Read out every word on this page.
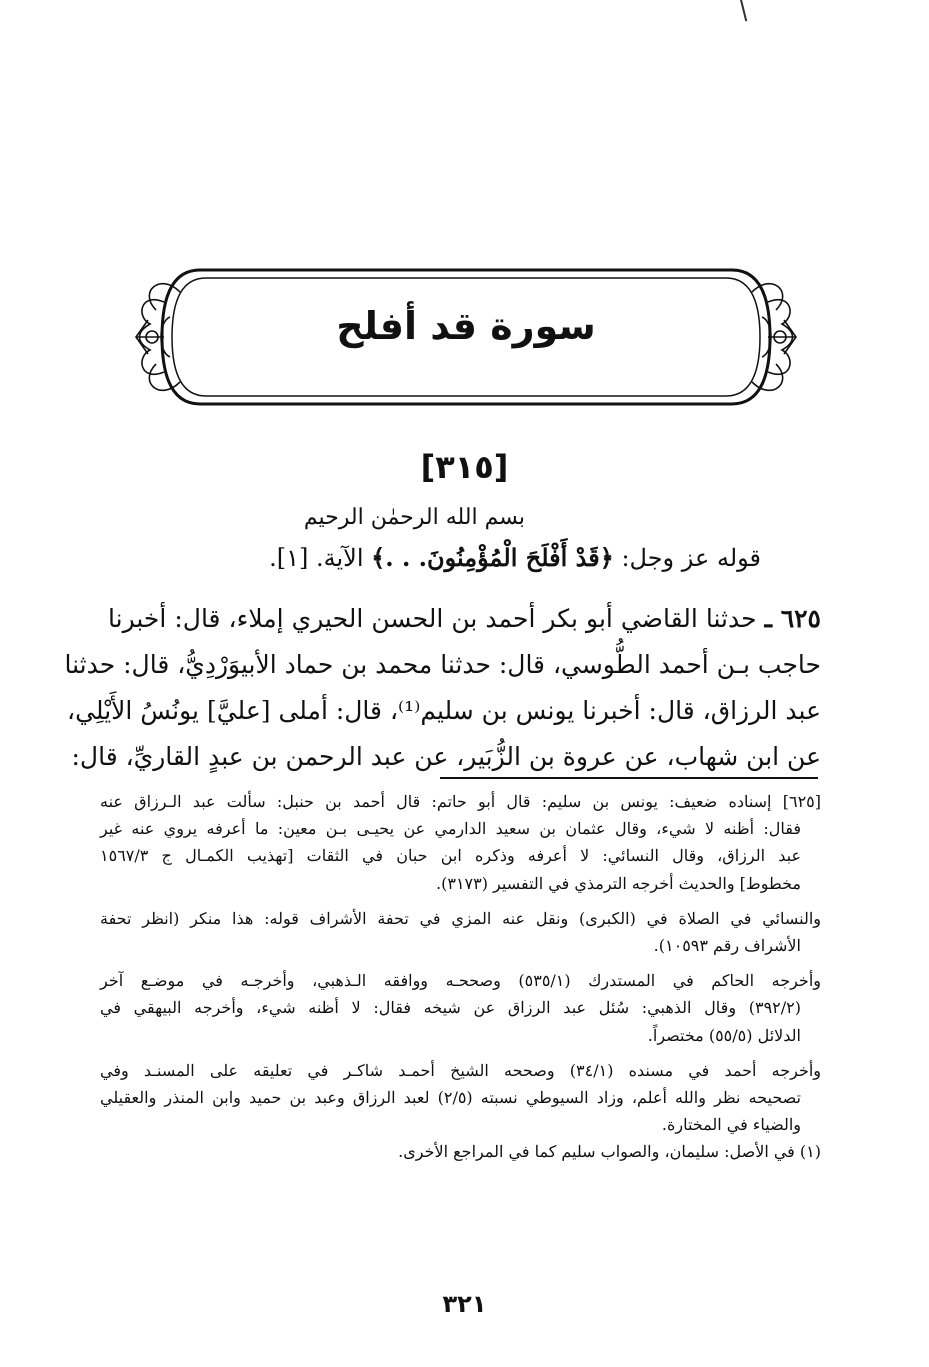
سورة قد أفلح
[٣١٥]
بسم الله الرحمٰن الرحيم
قوله عز وجل: ﴿قَدْ أَفْلَحَ الْمُؤْمِنُونَ. . .﴾ الآية. [١].
٦٢٥ ـ حدثنا القاضي أبو بكر أحمد بن الحسن الحيري إملاء، قال: أخبرنا
حاجب بـن أحمد الطُّوسي، قال: حدثنا محمد بن حماد الأبيوَرْدِيُّ، قال: حدثنا
عبد الرزاق، قال: أخبرنا يونس بن سليم⁽¹⁾، قال: أملى [عليَّ] يونُسُ الأَيْلِي،
عن ابن شهاب، عن عروة بن الزُّبَير، عن عبد الرحمن بن عبدٍ القاريِّ، قال:
[٦٢٥] إسناده ضعيف: يونس بن سليم: قال أبو حاتم: قال أحمد بن حنبل: سألت عبد الـرزاق عنه
فقال: أظنه لا شيء، وقال عثمان بن سعيد الدارمي عن يحيـى بـن معين: ما أعرفه يروي عنه غير
عبد الرزاق، وقال النسائي: لا أعرفه وذكره ابن حبان في الثقات [تهذيب الكمـال ج ١٥٦٧/٣
مخطوط] والحديث أخرجه الترمذي في التفسير (٣١٧٣).
والنسائي في الصلاة في (الكبرى) ونقل عنه المزي في تحفة الأشراف قوله: هذا منكر (انظر تحفة
الأشراف رقم ١٠٥٩٣).
وأخرجه الحاكم في المستدرك (٥٣٥/١) وصححـه ووافقه الـذهبي، وأخرجـه في موضـع آخر
(٣٩٢/٢) وقال الذهبي: سُئل عبد الرزاق عن شيخه فقال: لا أظنه شيء، وأخرجه البيهقي في
الدلائل (٥٥/٥) مختصراً.
وأخرجه أحمد في مسنده (٣٤/١) وصححه الشيخ أحمـد شاكـر في تعليقه على المسنـد وفي
تصحيحه نظر والله أعلم، وزاد السيوطي نسبته (٢/٥) لعبد الرزاق وعبد بن حميد وابن المنذر والعقيلي
والضياء في المختارة.
(١) في الأصل: سليمان، والصواب سليم كما في المراجع الأخرى.
٣٢١
